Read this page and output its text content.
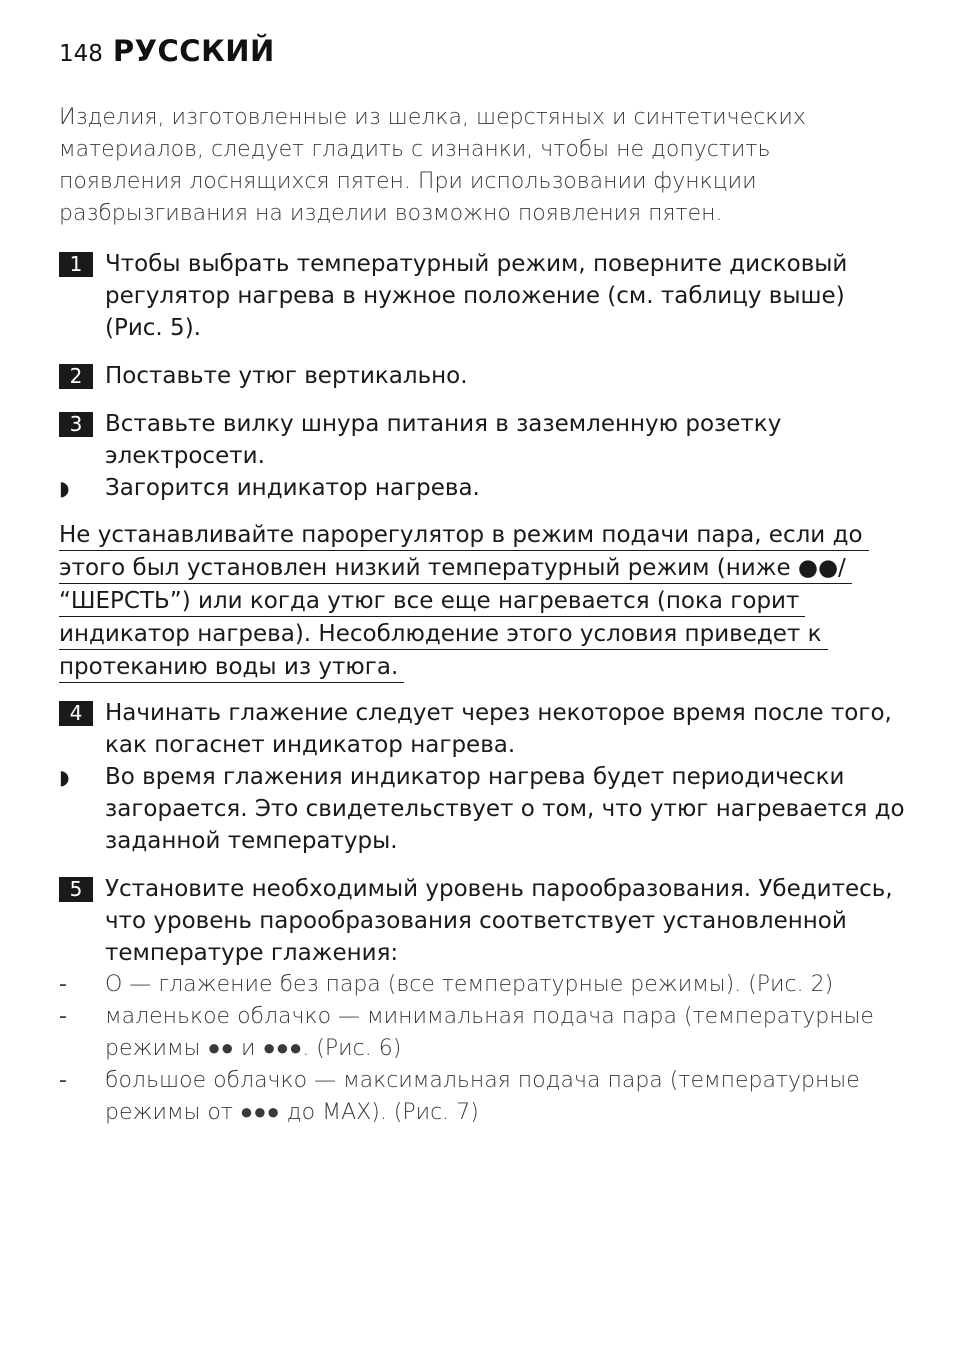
148 РУССКИЙ
Изделия, изготовленные из шелка, шерстяных и синтетических материалов, следует гладить с изнанки, чтобы не допустить появления лоснящихся пятен. При использовании функции разбрызгивания на изделии возможно появления пятен.
1 Чтобы выбрать температурный режим, поверните дисковый регулятор нагрева в нужное положение (см. таблицу выше) (Рис. 5).
2 Поставьте утюг вертикально.
3 Вставьте вилку шнура питания в заземленную розетку электросети.
◗ Загорится индикатор нагрева.
Не устанавливайте парорегулятор в режим подачи пара, если до
этого был установлен низкий температурный режим (ниже ●●/
“ШЕРСТЬ”) или когда утюг все еще нагревается (пока горит
индикатор нагрева). Несоблюдение этого условия приведет к
протеканию воды из утюга.
4 Начинать глажение следует через некоторое время после того, как погаснет индикатор нагрева.
◗ Во время глажения индикатор нагрева будет периодически загорается. Это свидетельствует о том, что утюг нагревается до заданной температуры.
5 Установите необходимый уровень парообразования. Убедитесь, что уровень парообразования соответствует установленной температуре глажения:
- O — глажение без пара (все температурные режимы). (Рис. 2)
- маленькое облачко — минимальная подача пара (температурные режимы ●● и ●●●. (Рис. 6)
- большое облачко — максимальная подача пара (температурные режимы от ●●● до MAX). (Рис. 7)
